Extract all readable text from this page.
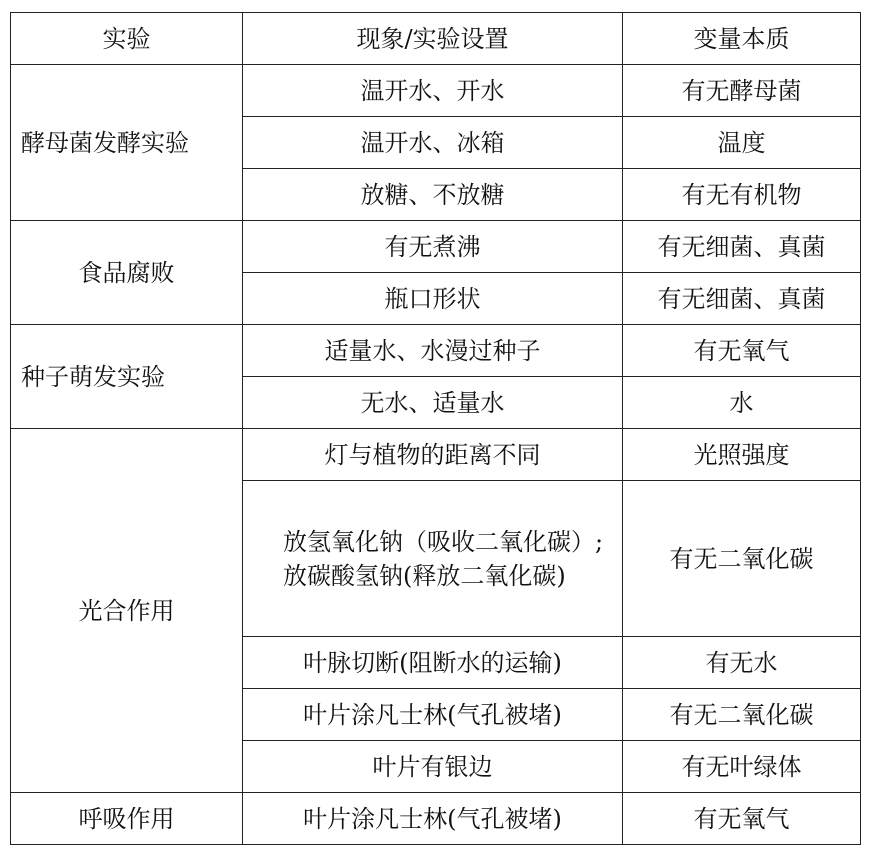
实验	现象/实验设置	变量本质
酵母菌发酵实验	温开水、开水	有无酵母菌
	温开水、冰箱	温度
	放糖、不放糖	有无有机物
食品腐败	有无煮沸	有无细菌、真菌
	瓶口形状	有无细菌、真菌
种子萌发实验	适量水、水漫过种子	有无氧气
	无水、适量水	水
光合作用	灯与植物的距离不同	光照强度
	放氢氧化钠（吸收二氧化碳）;放碳酸氢钠(释放二氧化碳)	有无二氧化碳
	叶脉切断(阻断水的运输)	有无水
	叶片涂凡士林(气孔被堵)	有无二氧化碳
	叶片有银边	有无叶绿体
呼吸作用	叶片涂凡士林(气孔被堵)	有无氧气
